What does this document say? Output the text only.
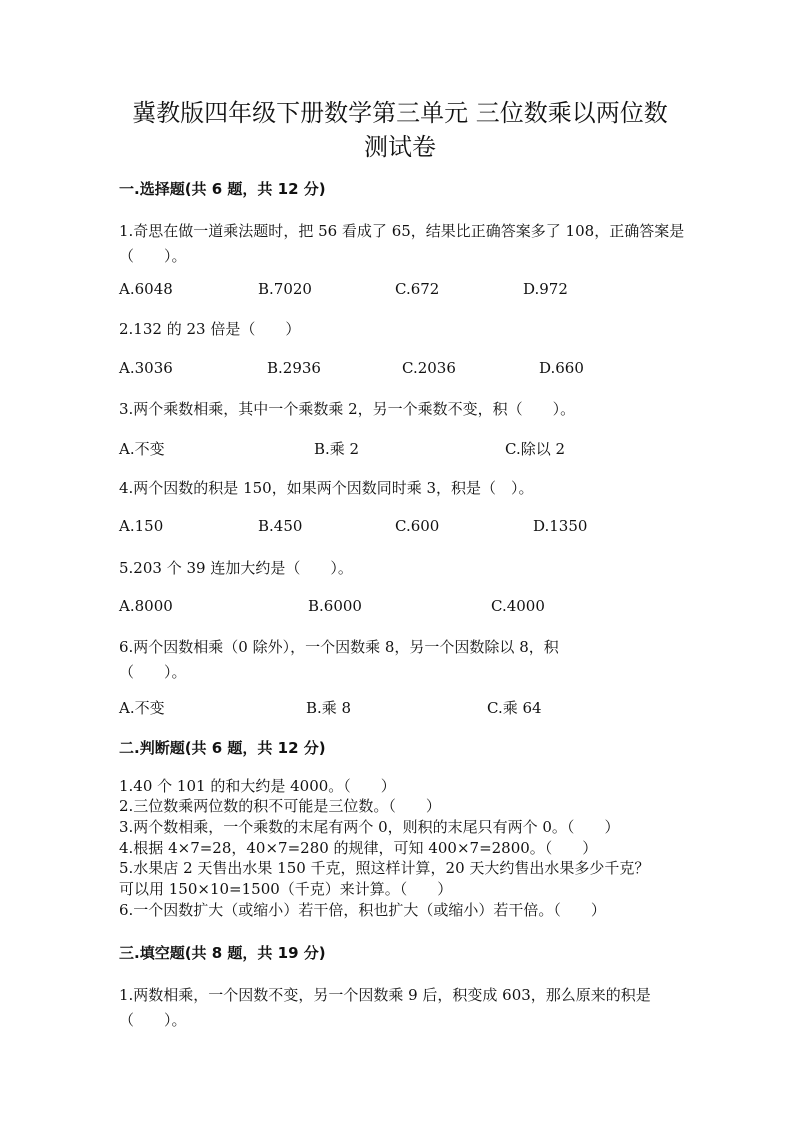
冀教版四年级下册数学第三单元 三位数乘以两位数
测试卷
一.选择题(共 6 题，共 12 分)
1.奇思在做一道乘法题时，把 56 看成了 65，结果比正确答案多了 108，正确答案是（　　）。
A.6048	B.7020	C.672	D.972
2.132 的 23 倍是（　　）
A.3036	B.2936	C.2036	D.660
3.两个乘数相乘，其中一个乘数乘 2，另一个乘数不变，积（　　）。
A.不变	B.乘 2	C.除以 2
4.两个因数的积是 150，如果两个因数同时乘 3，积是（　）。
A.150	B.450	C.600	D.1350
5.203 个 39 连加大约是（　　）。
A.8000	B.6000	C.4000
6.两个因数相乘（0 除外），一个因数乘 8，另一个因数除以 8，积
（　　）。
A.不变	B.乘 8	C.乘 64
二.判断题(共 6 题，共 12 分)
1.40 个 101 的和大约是 4000。（　　）
2.三位数乘两位数的积不可能是三位数。（　　）
3.两个数相乘，一个乘数的末尾有两个 0，则积的末尾只有两个 0。（　　）
4.根据 4×7=28，40×7=280 的规律，可知 400×7=2800。（　　）
5.水果店 2 天售出水果 150 千克，照这样计算，20 天大约售出水果多少千克？
可以用 150×10=1500（千克）来计算。（　　）
6.一个因数扩大（或缩小）若干倍，积也扩大（或缩小）若干倍。（　　）
三.填空题(共 8 题，共 19 分)
1.两数相乘，一个因数不变，另一个因数乘 9 后，积变成 603，那么原来的积是（　　）。
